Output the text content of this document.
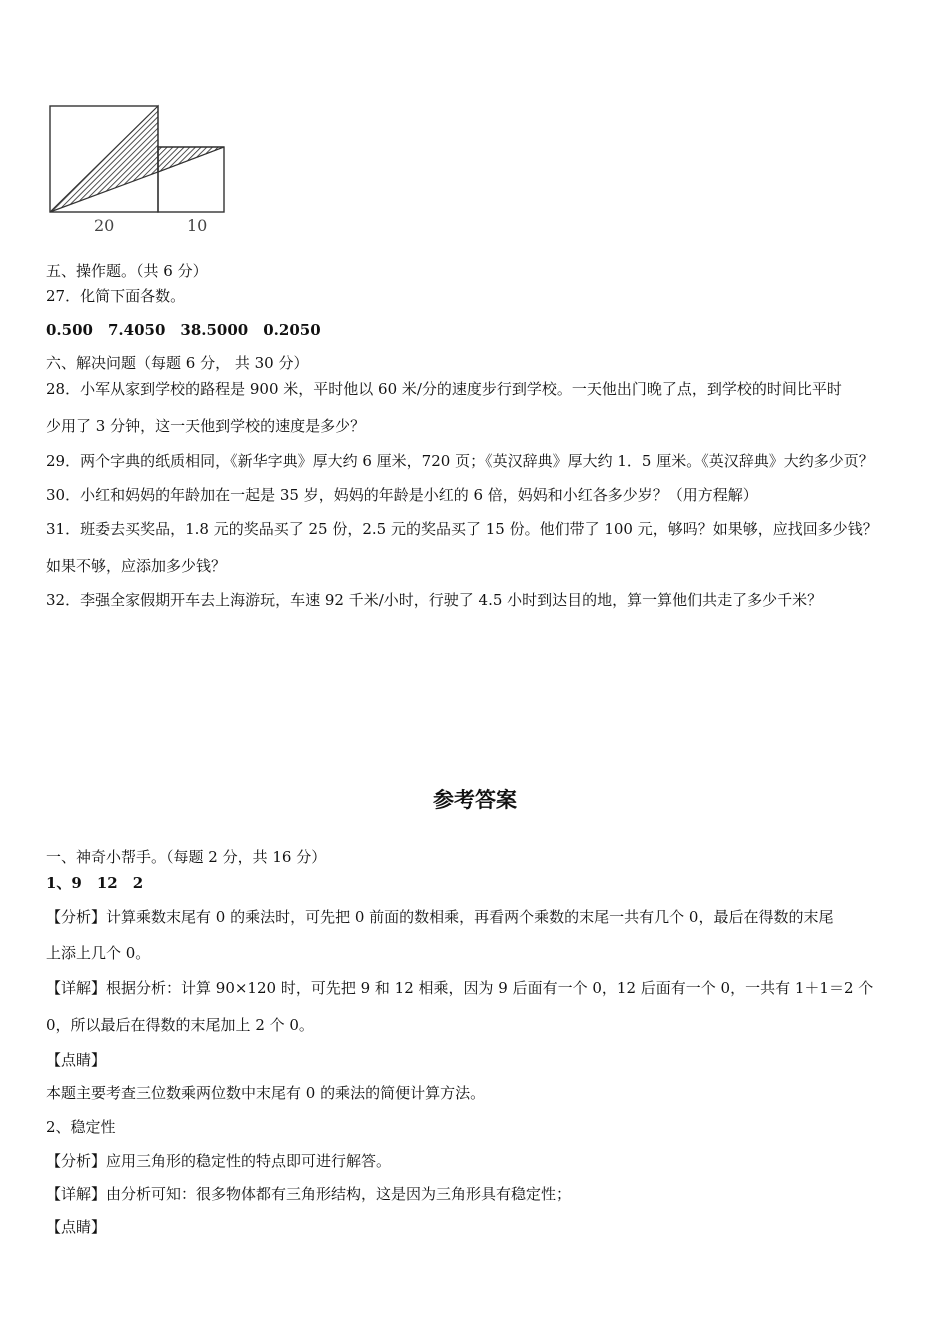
20	10
五、操作题。（共 6 分）
27．化简下面各数。
0.500　7.4050　38.5000　0.2050
六、解决问题（每题 6 分， 共 30 分）
28．小军从家到学校的路程是 900 米，平时他以 60 米/分的速度步行到学校。一天他出门晚了点，到学校的时间比平时
少用了 3 分钟，这一天他到学校的速度是多少？
29．两个字典的纸质相同，《新华字典》厚大约 6 厘米，720 页；《英汉辞典》厚大约 1．5 厘米。《英汉辞典》大约多少页？
30．小红和妈妈的年龄加在一起是 35 岁，妈妈的年龄是小红的 6 倍，妈妈和小红各多少岁？（用方程解）
31．班委去买奖品，1.8 元的奖品买了 25 份，2.5 元的奖品买了 15 份。他们带了 100 元，够吗？如果够，应找回多少钱？
如果不够，应添加多少钱？
32．李强全家假期开车去上海游玩，车速 92 千米/小时，行驶了 4.5 小时到达目的地，算一算他们共走了多少千米？
参考答案
一、神奇小帮手。（每题 2 分，共 16 分）
1、9　12　2
【分析】计算乘数末尾有 0 的乘法时，可先把 0 前面的数相乘，再看两个乘数的末尾一共有几个 0，最后在得数的末尾
上添上几个 0。
【详解】根据分析：计算 90×120 时，可先把 9 和 12 相乘，因为 9 后面有一个 0，12 后面有一个 0，一共有 1＋1＝2 个
0，所以最后在得数的末尾加上 2 个 0。
【点睛】
本题主要考查三位数乘两位数中末尾有 0 的乘法的简便计算方法。
2、稳定性
【分析】应用三角形的稳定性的特点即可进行解答。
【详解】由分析可知：很多物体都有三角形结构，这是因为三角形具有稳定性；
【点睛】
